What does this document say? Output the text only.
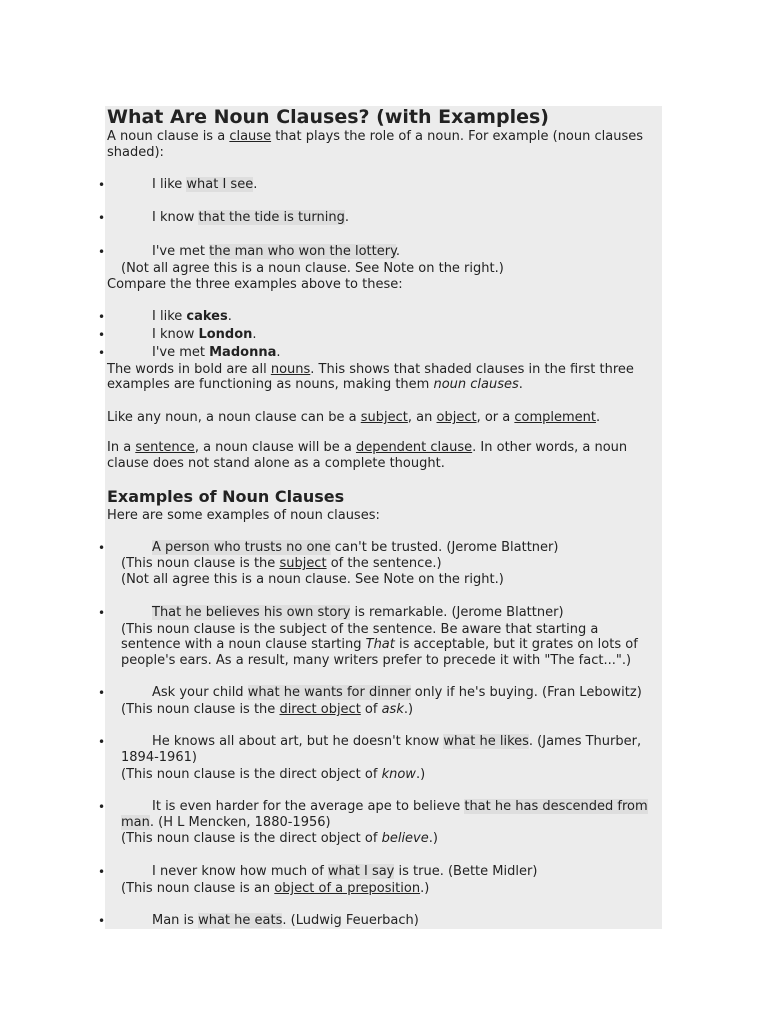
What Are Noun Clauses? (with Examples)
A noun clause is a clause that plays the role of a noun. For example (noun clauses
shaded):
•	I like what I see.
•	I know that the tide is turning.
•	I've met the man who won the lottery.
(Not all agree this is a noun clause. See Note on the right.)
Compare the three examples above to these:
•	I like cakes.
•	I know London.
•	I've met Madonna.
The words in bold are all nouns. This shows that shaded clauses in the first three
examples are functioning as nouns, making them noun clauses.
Like any noun, a noun clause can be a subject, an object, or a complement.
In a sentence, a noun clause will be a dependent clause. In other words, a noun
clause does not stand alone as a complete thought.
Examples of Noun Clauses
Here are some examples of noun clauses:
•	A person who trusts no one can't be trusted. (Jerome Blattner)
(This noun clause is the subject of the sentence.)
(Not all agree this is a noun clause. See Note on the right.)
•	That he believes his own story is remarkable. (Jerome Blattner)
(This noun clause is the subject of the sentence. Be aware that starting a
sentence with a noun clause starting That is acceptable, but it grates on lots of
people's ears. As a result, many writers prefer to precede it with "The fact...".)
•	Ask your child what he wants for dinner only if he's buying. (Fran Lebowitz)
(This noun clause is the direct object of ask.)
•	He knows all about art, but he doesn't know what he likes. (James Thurber,
1894-1961)
(This noun clause is the direct object of know.)
•	It is even harder for the average ape to believe that he has descended from
man. (H L Mencken, 1880-1956)
(This noun clause is the direct object of believe.)
•	I never know how much of what I say is true. (Bette Midler)
(This noun clause is an object of a preposition.)
•	Man is what he eats. (Ludwig Feuerbach)
